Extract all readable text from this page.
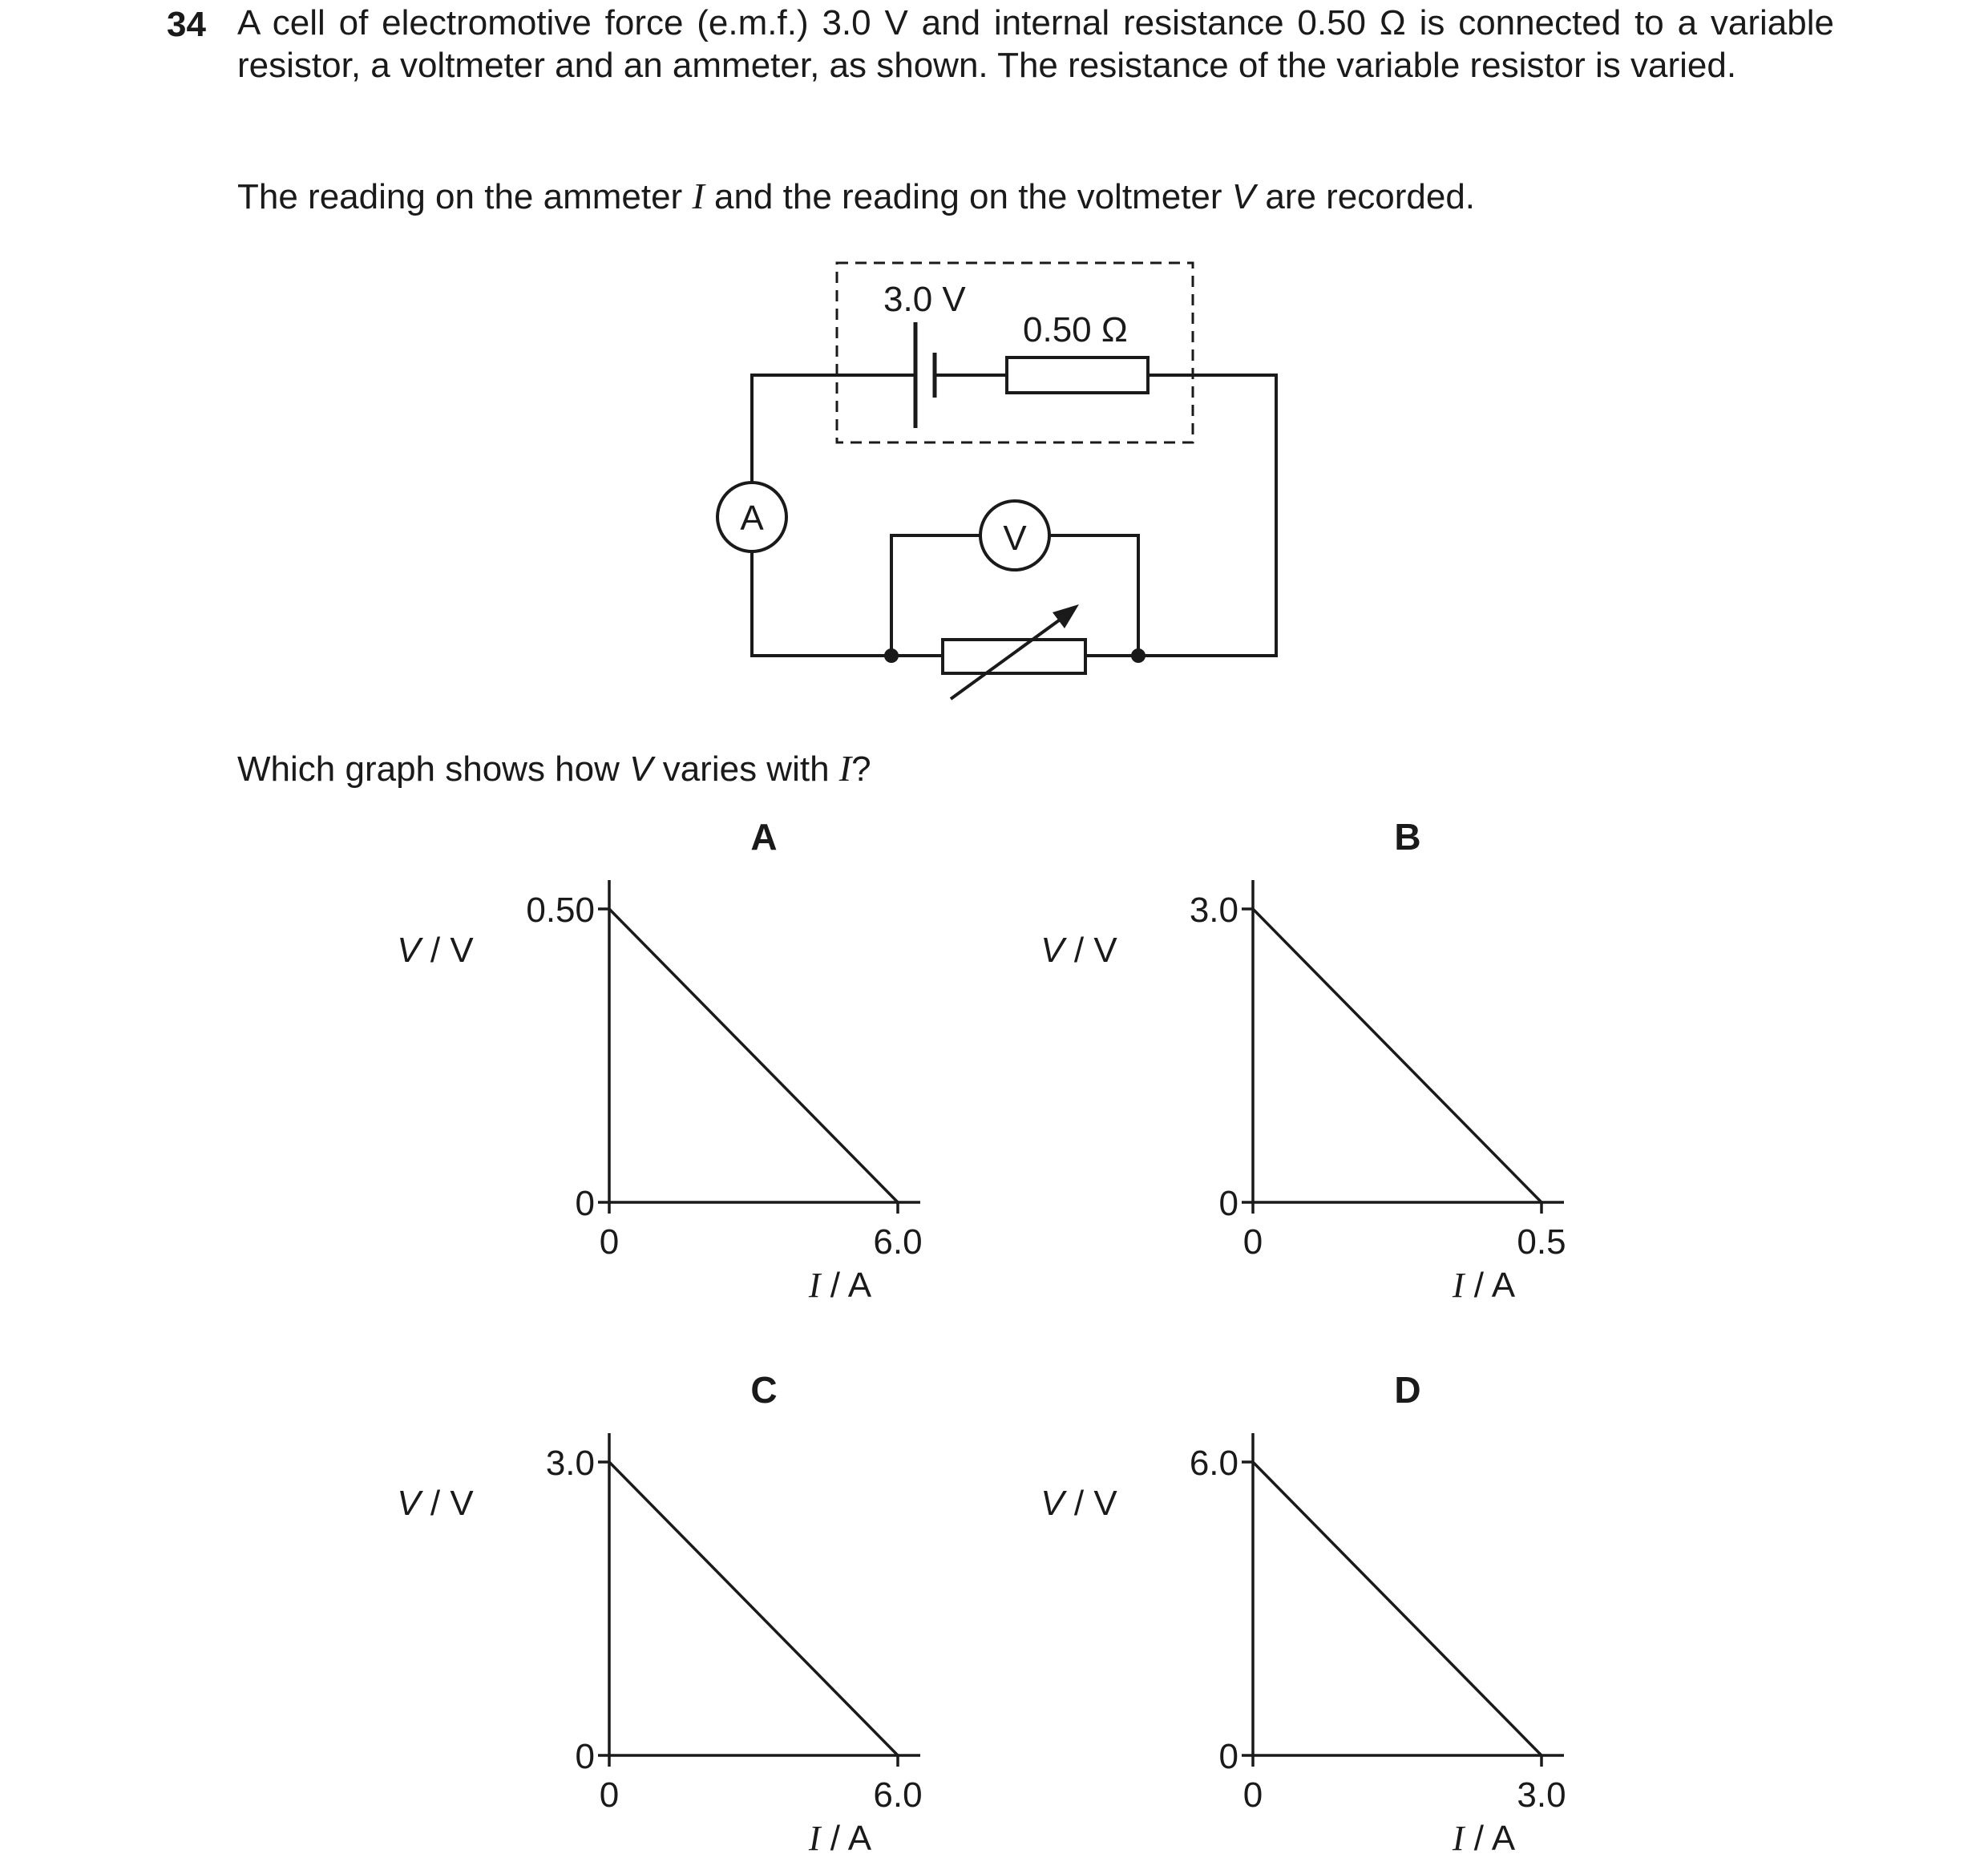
34 A cell of electromotive force (e.m.f.) 3.0 V and internal resistance 0.50 Ω is connected to a variable resistor, a voltmeter and an ammeter, as shown. The resistance of the variable resistor is varied.

The reading on the ammeter I and the reading on the voltmeter V are recorded.

Which graph shows how V varies with I?

3.0 V
0.50 Ω
A
V
A
0.50
0
0	6.0
V / V
I / A
B
3.0
0
0	0.5
V / V
I / A
C
3.0
0
0	6.0
V / V
I / A
D
6.0
0
0	3.0
V / V
I / A
